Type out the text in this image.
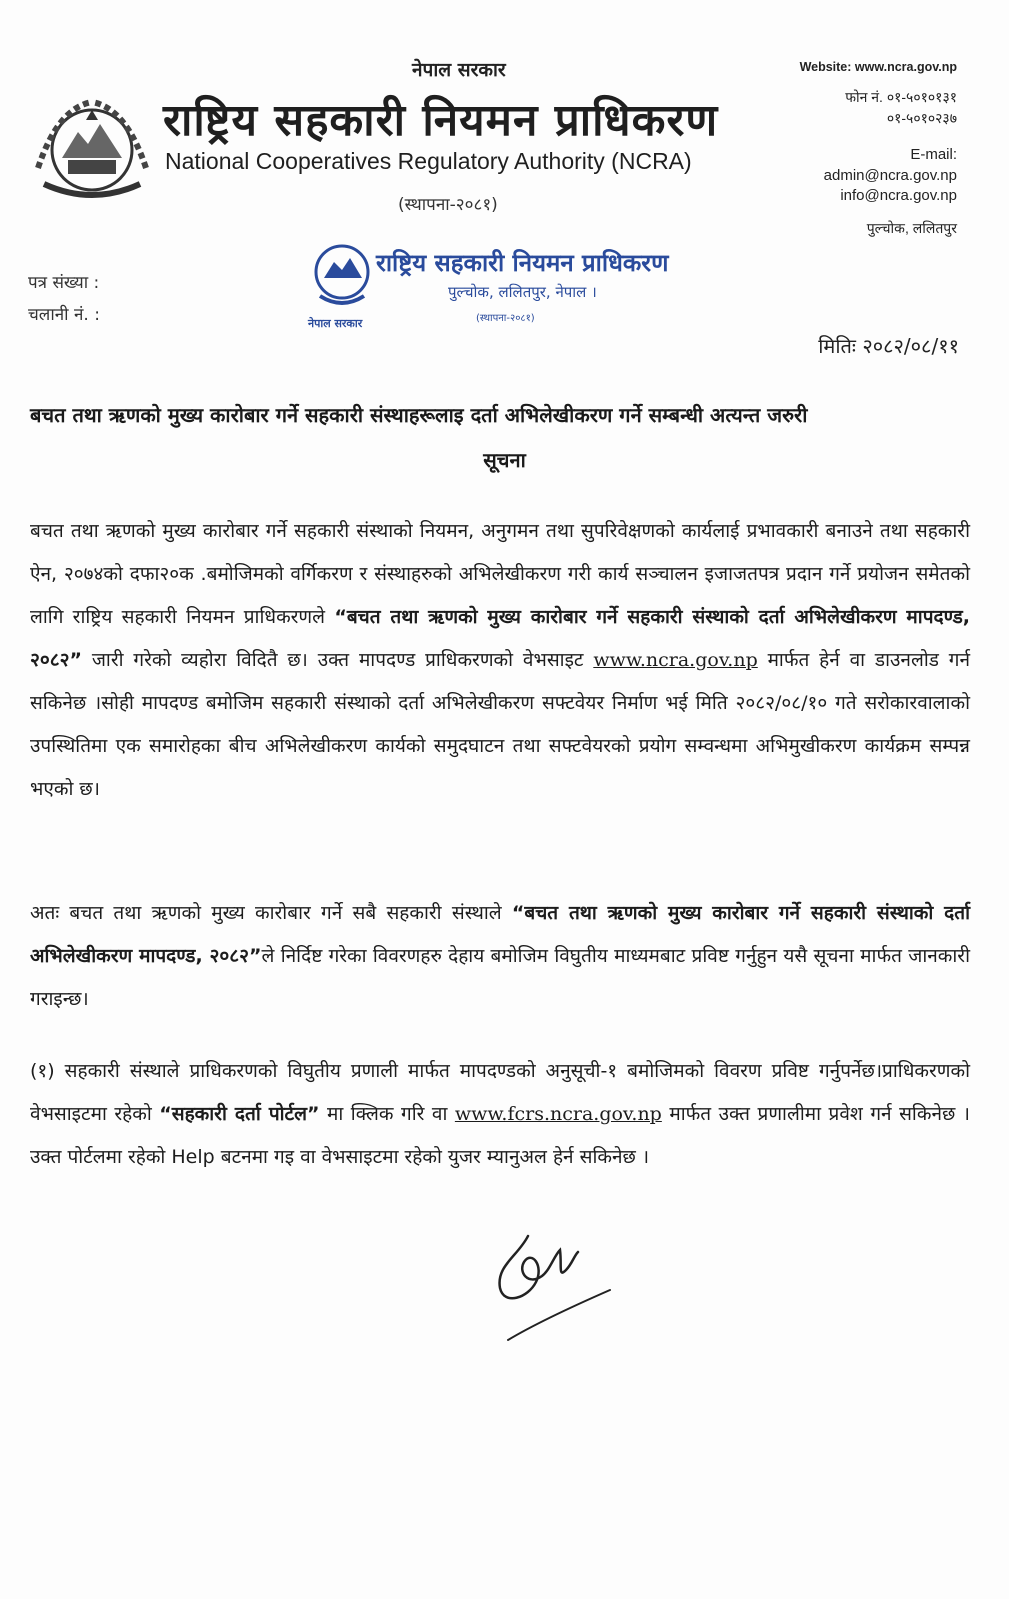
नेपाल सरकार
राष्ट्रिय सहकारी नियमन प्राधिकरण
National Cooperatives Regulatory Authority (NCRA)
(स्थापना-२०८१)
Website: www.ncra.gov.np
फोन नं. ०१-५०१०१३१
०१-५०१०२३७
E-mail:
admin@ncra.gov.np
info@ncra.gov.np
पुल्चोक, ललितपुर
राष्ट्रिय सहकारी नियमन प्राधिकरण
पुल्चोक, ललितपुर, नेपाल ।
(स्थापना-२०८१)
नेपाल सरकार
पत्र संख्या :
चलानी नं. :
मितिः २०८२/०८/११
बचत तथा ऋणको मुख्य कारोबार गर्ने सहकारी संस्थाहरूलाइ दर्ता अभिलेखीकरण गर्ने सम्बन्धी अत्यन्त जरुरी
सूचना
बचत तथा ऋणको मुख्य कारोबार गर्ने सहकारी संस्थाको नियमन, अनुगमन तथा सुपरिवेक्षणको कार्यलाई प्रभावकारी बनाउने तथा सहकारी ऐन, २०७४को दफा२०क .बमोजिमको वर्गिकरण र संस्थाहरुको अभिलेखीकरण गरी कार्य सञ्चालन इजाजतपत्र प्रदान गर्ने प्रयोजन समेतको लागि राष्ट्रिय सहकारी नियमन प्राधिकरणले “बचत तथा ऋणको मुख्य कारोबार गर्ने सहकारी संस्थाको दर्ता अभिलेखीकरण मापदण्ड, २०८२” जारी गरेको व्यहोरा विदितै छ। उक्त मापदण्ड प्राधिकरणको वेभसाइट www.ncra.gov.np मार्फत हेर्न वा डाउनलोड गर्न सकिनेछ ।सोही मापदण्ड बमोजिम सहकारी संस्थाको दर्ता अभिलेखीकरण सफ्टवेयर निर्माण भई मिति २०८२/०८/१० गते सरोकारवालाको उपस्थितिमा एक समारोहका बीच अभिलेखीकरण कार्यको समुदघाटन तथा सफ्टवेयरको प्रयोग सम्वन्धमा अभिमुखीकरण कार्यक्रम सम्पन्न भएको छ।
अतः बचत तथा ऋणको मुख्य कारोबार गर्ने सबै सहकारी संस्थाले “बचत तथा ऋणको मुख्य कारोबार गर्ने सहकारी संस्थाको दर्ता अभिलेखीकरण मापदण्ड, २०८२”ले निर्दिष्ट गरेका विवरणहरु देहाय बमोजिम विघुतीय माध्यमबाट प्रविष्ट गर्नुहुन यसै सूचना मार्फत जानकारी गराइन्छ।
(१) सहकारी संस्थाले प्राधिकरणको विघुतीय प्रणाली मार्फत मापदण्डको अनुसूची-१ बमोजिमको विवरण प्रविष्ट गर्नुपर्नेछ।प्राधिकरणको वेभसाइटमा रहेको “सहकारी दर्ता पोर्टल” मा क्लिक गरि वा www.fcrs.ncra.gov.np मार्फत उक्त प्रणालीमा प्रवेश गर्न सकिनेछ ।उक्त पोर्टलमा रहेको Help बटनमा गइ वा वेभसाइटमा रहेको युजर म्यानुअल हेर्न सकिनेछ ।
